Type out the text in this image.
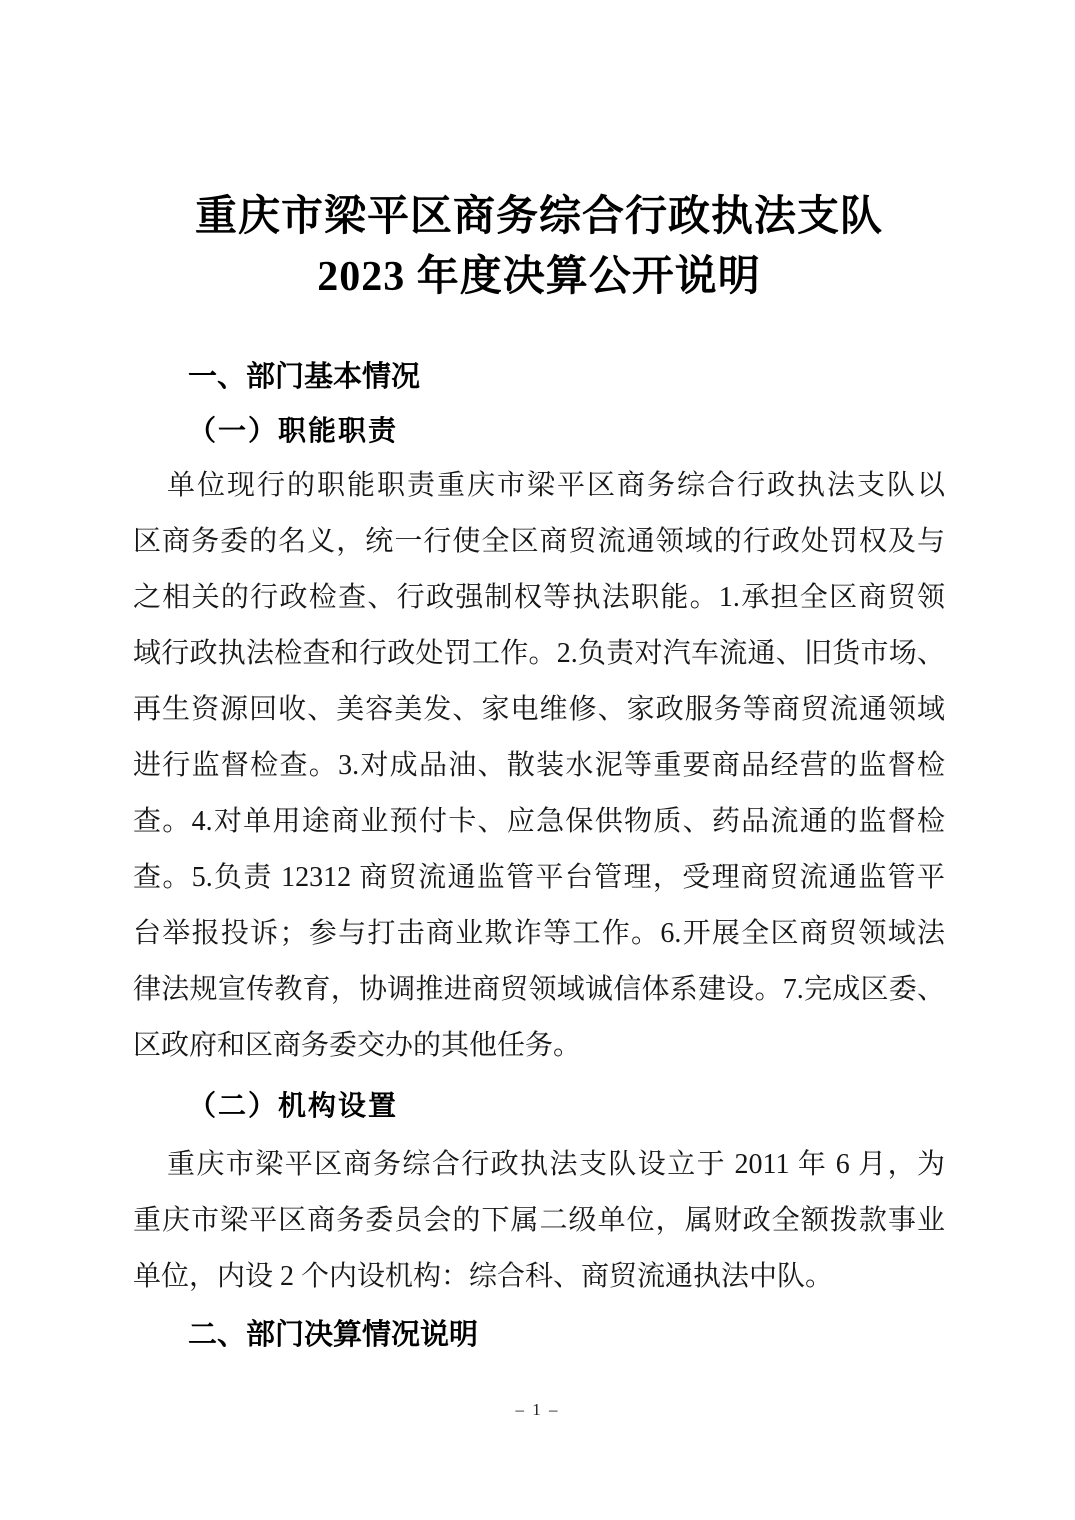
重庆市梁平区商务综合行政执法支队
2023 年度决算公开说明
一、部门基本情况
（一）职能职责
单位现行的职能职责重庆市梁平区商务综合行政执法支队以
区商务委的名义，统一行使全区商贸流通领域的行政处罚权及与
之相关的行政检查、行政强制权等执法职能。1.承担全区商贸领
域行政执法检查和行政处罚工作。2.负责对汽车流通、旧货市场、
再生资源回收、美容美发、家电维修、家政服务等商贸流通领域
进行监督检查。3.对成品油、散装水泥等重要商品经营的监督检
查。4.对单用途商业预付卡、应急保供物质、药品流通的监督检
查。5.负责 12312 商贸流通监管平台管理，受理商贸流通监管平
台举报投诉；参与打击商业欺诈等工作。6.开展全区商贸领域法
律法规宣传教育，协调推进商贸领域诚信体系建设。7.完成区委、
区政府和区商务委交办的其他任务。
（二）机构设置
重庆市梁平区商务综合行政执法支队设立于 2011 年 6 月，为
重庆市梁平区商务委员会的下属二级单位，属财政全额拨款事业
单位，内设 2 个内设机构：综合科、商贸流通执法中队。
二、部门决算情况说明
– 1 –
